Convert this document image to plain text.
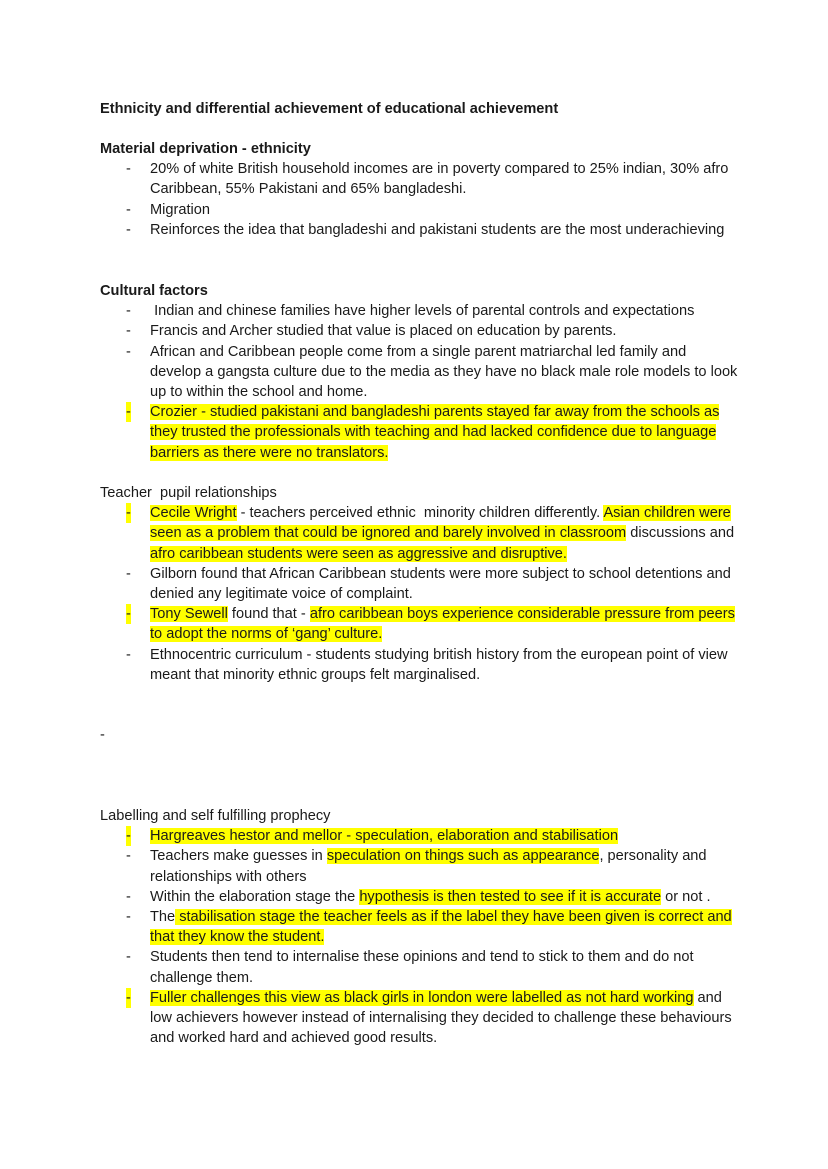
Ethnicity and differential achievement of educational achievement

Material deprivation - ethnicity

- 20% of white British household incomes are in poverty compared to 25% indian, 30% afro Caribbean, 55% Pakistani and 65% bangladeshi.
- Migration
- Reinforces the idea that bangladeshi and pakistani students are the most underachieving

Cultural factors

-  Indian and chinese families have higher levels of parental controls and expectations
- Francis and Archer studied that value is placed on education by parents.
- African and Caribbean people come from a single parent matriarchal led family and develop a gangsta culture due to the media as they have no black male role models to look up to within the school and home.
- Crozier - studied pakistani and bangladeshi parents stayed far away from the schools as they trusted the professionals with teaching and had lacked confidence due to language barriers as there were no translators.

Teacher  pupil relationships

- Cecile Wright - teachers perceived ethnic  minority children differently. Asian children were seen as a problem that could be ignored and barely involved in classroom discussions and afro caribbean students were seen as aggressive and disruptive.
- Gilborn found that African Caribbean students were more subject to school detentions and denied any legitimate voice of complaint.
- Tony Sewell found that - afro caribbean boys experience considerable pressure from peers to adopt the norms of ‘gang’ culture.
- Ethnocentric curriculum - students studying british history from the european point of view meant that minority ethnic groups felt marginalised.

-

Labelling and self fulfilling prophecy

- Hargreaves hestor and mellor - speculation, elaboration and stabilisation
- Teachers make guesses in speculation on things such as appearance, personality and relationships with others
- Within the elaboration stage the hypothesis is then tested to see if it is accurate or not .
- The stabilisation stage the teacher feels as if the label they have been given is correct and that they know the student.
- Students then tend to internalise these opinions and tend to stick to them and do not challenge them.
- Fuller challenges this view as black girls in london were labelled as not hard working and low achievers however instead of internalising they decided to challenge these behaviours and worked hard and achieved good results.
